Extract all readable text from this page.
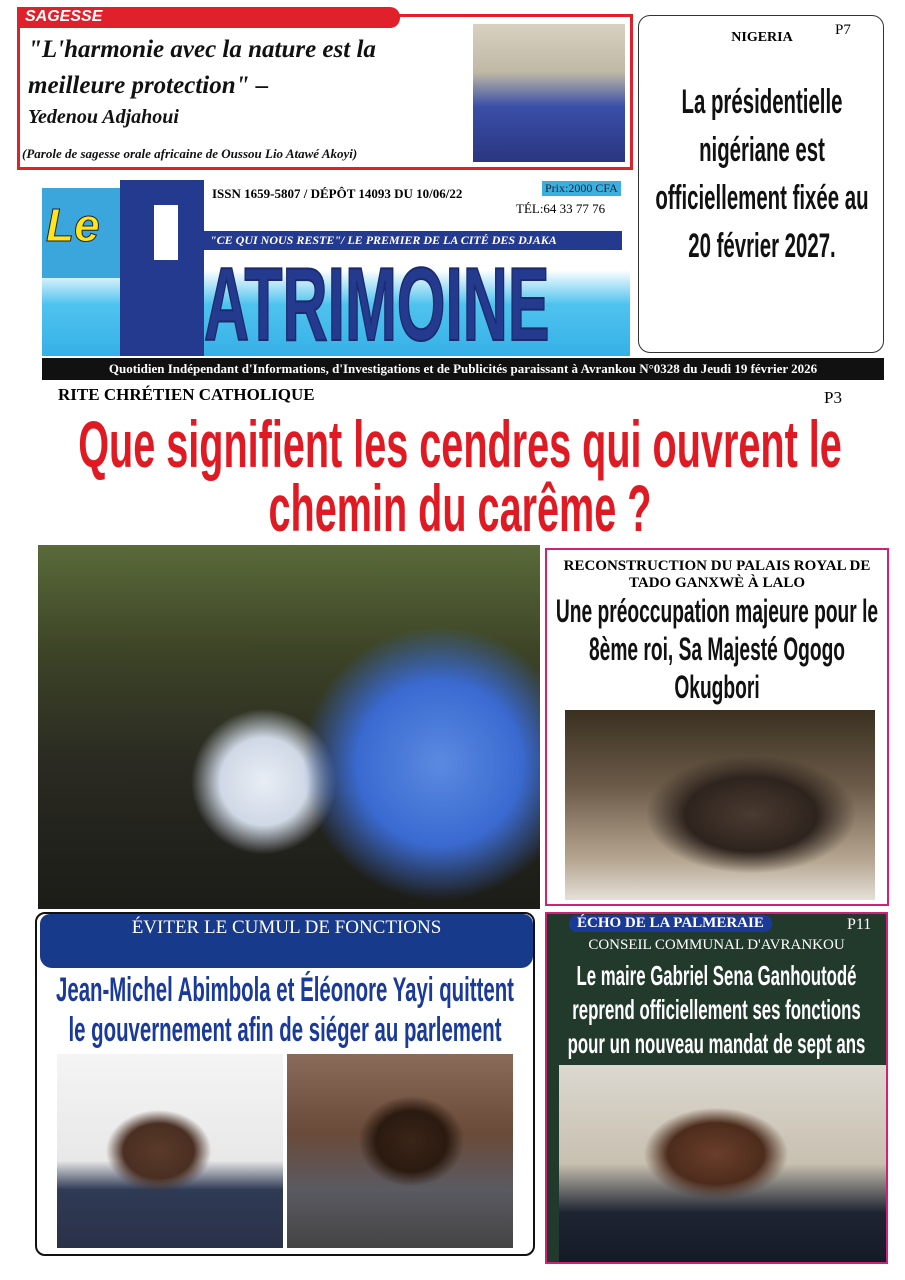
SAGESSE
"L'harmonie avec la nature est la meilleure protection" –
Yedenou Adjahoui
(Parole de sagesse orale africaine de Oussou Lio Atawé Akoyi)
NIGERIA	P7
La présidentielle nigériane est officiellement fixée au 20 février 2027.
Le
ISSN 1659-5807 / DÉPÔT 14093 DU 10/06/22	Prix:2000 CFA
TÉL:64 33 77 76
"CE QUI NOUS RESTE"/ LE PREMIER DE LA CITÉ DES DJAKA
ATRIMOINE
Quotidien Indépendant d'Informations, d'Investigations et de Publicités paraissant à Avrankou N°0328 du Jeudi 19 février 2026
RITE CHRÉTIEN CATHOLIQUE	P3
Que signifient les cendres qui ouvrent le chemin du carême ?
RECONSTRUCTION DU PALAIS ROYAL DE TADO GANXWÈ À LALO
Une préoccupation majeure pour le 8ème roi, Sa Majesté Ogogo Okugbori
ÉVITER LE CUMUL DE FONCTIONS
Jean-Michel Abimbola et Éléonore Yayi quittent le gouvernement afin de siéger au parlement
ÉCHO DE LA PALMERAIE	P11
CONSEIL COMMUNAL D'AVRANKOU
Le maire Gabriel Sena Ganhoutodé reprend officiellement ses fonctions pour un nouveau mandat de sept ans
